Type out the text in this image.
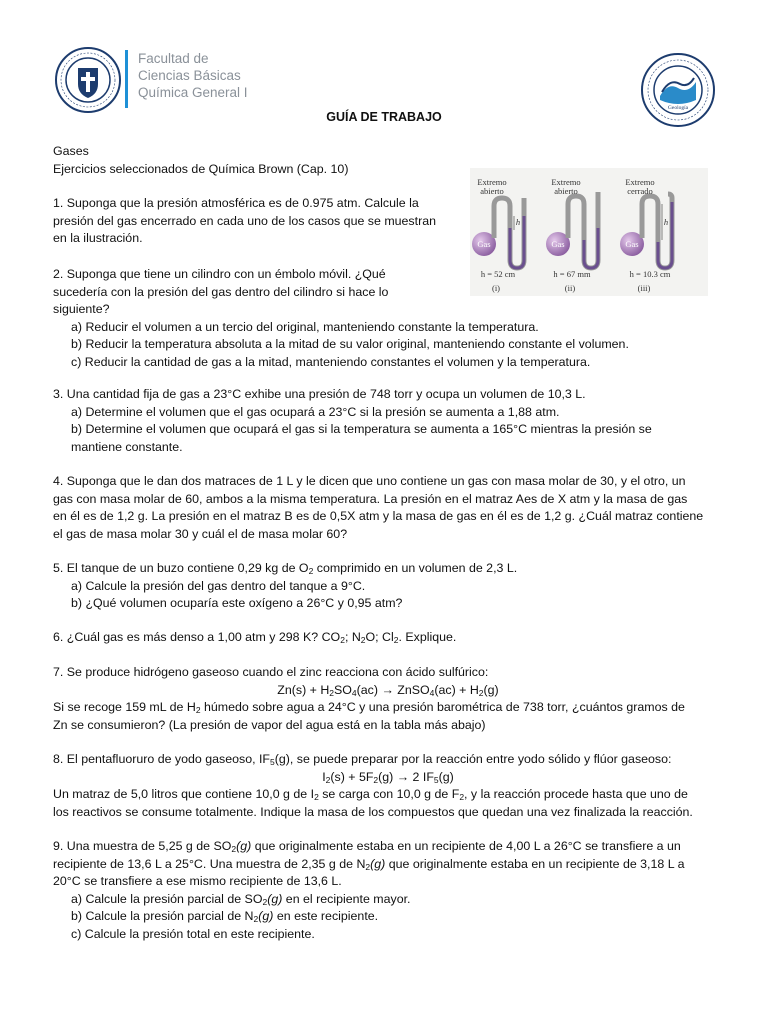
Facultad de
Ciencias Básicas
Química General I
Geología
GUÍA DE TRABAJO
Gases
Ejercicios seleccionados de Química Brown (Cap. 10)
Extremo
abierto
Extremo
abierto
Extremo
cerrado
Gas	Gas	Gas
h	h
h = 52 cm	h = 67 mm	h = 10.3 cm
(i)	(ii)	(iii)
1. Suponga que la presión atmosférica es de 0.975 atm. Calcule la
presión del gas encerrado en cada uno de los casos que se muestran
en la ilustración.
2. Suponga que tiene un cilindro con un émbolo móvil. ¿Qué
sucedería con la presión del gas dentro del cilindro si hace lo
siguiente?
a) Reducir el volumen a un tercio del original, manteniendo constante la temperatura.
b) Reducir la temperatura absoluta a la mitad de su valor original, manteniendo constante el volumen.
c) Reducir la cantidad de gas a la mitad, manteniendo constantes el volumen y la temperatura.
3. Una cantidad fija de gas a 23°C exhibe una presión de 748 torr y ocupa un volumen de 10,3 L.
a) Determine el volumen que el gas ocupará a 23°C si la presión se aumenta a 1,88 atm.
b) Determine el volumen que ocupará el gas si la temperatura se aumenta a 165°C mientras la presión se
mantiene constante.
4. Suponga que le dan dos matraces de 1 L y le dicen que uno contiene un gas con masa molar de 30, y el otro, un
gas con masa molar de 60, ambos a la misma temperatura. La presión en el matraz Aes de X atm y la masa de gas
en él es de 1,2 g. La presión en el matraz B es de 0,5X atm y la masa de gas en él es de 1,2 g. ¿Cuál matraz contiene
el gas de masa molar 30 y cuál el de masa molar 60?
5. El tanque de un buzo contiene 0,29 kg de $O_2$ comprimido en un volumen de 2,3 L.
a) Calcule la presión del gas dentro del tanque a 9°C.
b) ¿Qué volumen ocuparía este oxígeno a 26°C y 0,95 atm?
6. ¿Cuál gas es más denso a 1,00 atm y 298 K? $CO_2$; $N_2O$; $Cl_2$. Explique.
7. Se produce hidrógeno gaseoso cuando el zinc reacciona con ácido sulfúrico:
$Zn(s) + H_2SO_4(ac)$ → ZnSO$_4$(ac) + $H_2(g)$
Si se recoge 159 mL de $H_2$ húmedo sobre agua a 24°C y una presión barométrica de 738 torr, ¿cuántos gramos de
Zn se consumieron? (La presión de vapor del agua está en la tabla más abajo)
8. El pentafluoruro de yodo gaseoso, $IF_5(g)$, se puede preparar por la reacción entre yodo sólido y flúor gaseoso:
$I_2(s) + 5F_2(g) \to 2$ $IF_5(g)$
Un matraz de 5,0 litros que contiene 10,0 g de $I_2$ se carga con 10,0 g de $F_2$, y la reacción procede hasta que uno de
los reactivos se consume totalmente. Indique la masa de los compuestos que quedan una vez finalizada la reacción.
9. Una muestra de 5,25 g de $SO_2(g)$ que originalmente estaba en un recipiente de 4,00 L a 26°C se transfiere a un
recipiente de 13,6 L a 25°C. Una muestra de 2,35 g de $N_2(g)$ que originalmente estaba en un recipiente de 3,18 L a
20°C se transfiere a ese mismo recipiente de 13,6 L.
a) Calcule la presión parcial de $SO_2(g)$ en el recipiente mayor.
b) Calcule la presión parcial de $N_2(g)$ en este recipiente.
c) Calcule la presión total en este recipiente.
